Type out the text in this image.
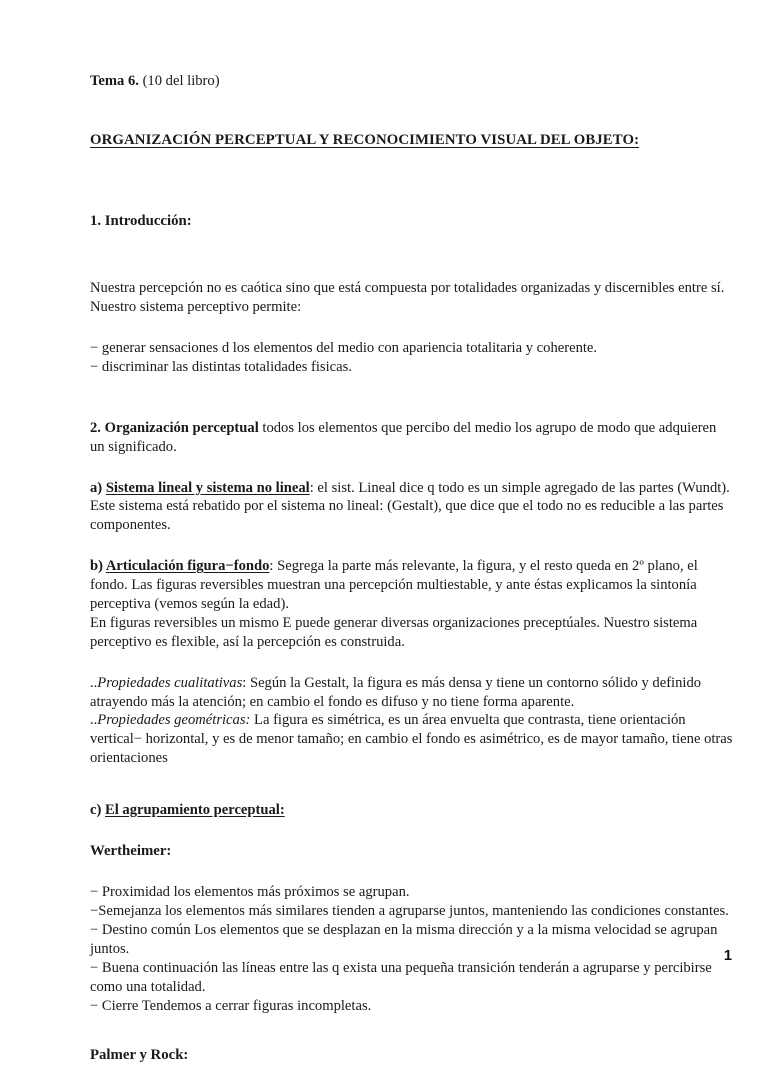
Tema 6. (10 del libro)

ORGANIZACIÓN PERCEPTUAL Y RECONOCIMIENTO VISUAL DEL OBJETO:

1. Introducción:

Nuestra percepción no es caótica sino que está compuesta por totalidades organizadas y discernibles entre sí. Nuestro sistema perceptivo permite:

− generar sensaciones d los elementos del medio con apariencia totalitaria y coherente.

− discriminar las distintas totalidades fisicas.

2. Organización perceptual todos los elementos que percibo del medio los agrupo de modo que adquieren un significado.

a) Sistema lineal y sistema no lineal: el sist. Lineal dice q todo es un simple agregado de las partes (Wundt). Este sistema está rebatido por el sistema no lineal: (Gestalt), que dice que el todo no es reducible a las partes componentes.

b) Articulación figura−fondo: Segrega la parte más relevante, la figura, y el resto queda en 2º plano, el fondo. Las figuras reversibles muestran una percepción multiestable, y ante éstas explicamos la sintonía perceptiva (vemos según la edad).

En figuras reversibles un mismo E puede generar diversas organizaciones preceptúales. Nuestro sistema perceptivo es flexible, así la percepción es construida.

..Propiedades cualitativas: Según la Gestalt, la figura es más densa y tiene un contorno sólido y definido atrayendo más la atención; en cambio el fondo es difuso y no tiene forma aparente.

..Propiedades geométricas: La figura es simétrica, es un área envuelta que contrasta, tiene orientación vertical− horizontal, y es de menor tamaño; en cambio el fondo es asimétrico, es de mayor tamaño, tiene otras orientaciones

c) El agrupamiento perceptual:

Wertheimer:

− Proximidad los elementos más próximos se agrupan.

−Semejanza los elementos más similares tienden a agruparse juntos, manteniendo las condiciones constantes.

− Destino común Los elementos que se desplazan en la misma dirección y a la misma velocidad se agrupan juntos.

− Buena continuación las líneas entre las q exista una pequeña transición tenderán a agruparse y percibirse como una totalidad.

− Cierre Tendemos a cerrar figuras incompletas.

Palmer y Rock:

1
